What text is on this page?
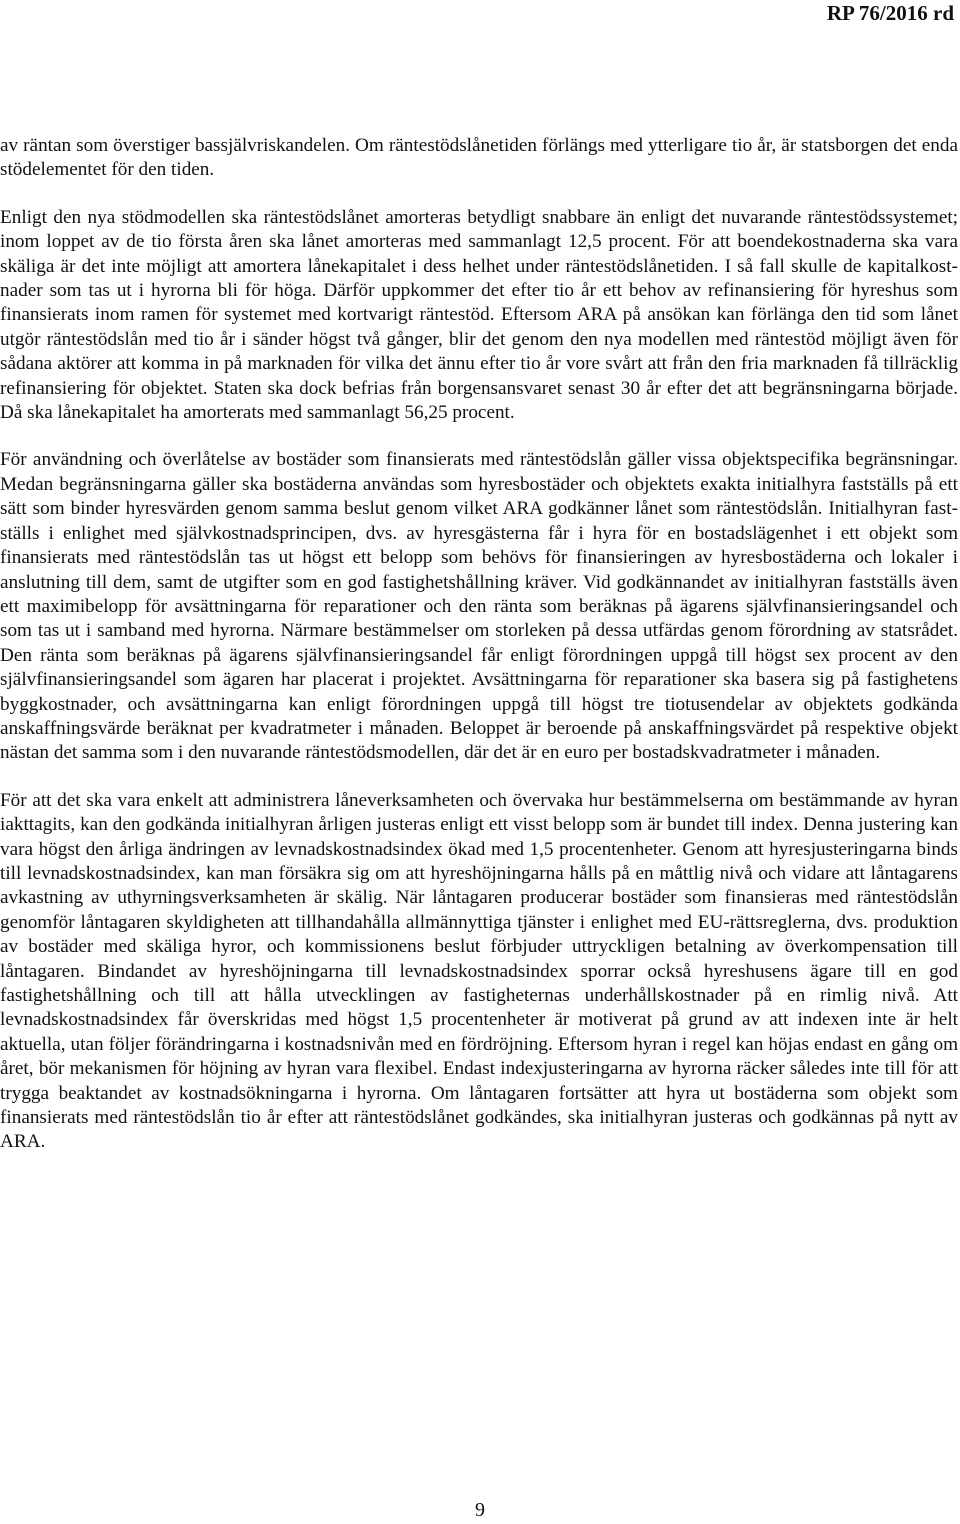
RP 76/2016 rd

av räntan som överstiger bassjälvriskandelen. Om räntestödslånetiden förlängs med ytterligare tio år, är statsborgen det enda stödelementet för den tiden.

Enligt den nya stödmodellen ska räntestödslånet amorteras betydligt snabbare än enligt det nuvarande räntestödssystemet; inom loppet av de tio första åren ska lånet amorteras med sammanlagt 12,5 procent. För att boendekostnaderna ska vara skäliga är det inte möjligt att amortera lånekapitalet i dess helhet under räntestödslånetiden. I så fall skulle de kapitalkostnader som tas ut i hyrorna bli för höga. Därför uppkommer det efter tio år ett behov av refinansiering för hyreshus som finansierats inom ramen för systemet med kortvarigt räntestöd. Eftersom ARA på ansökan kan förlänga den tid som lånet utgör räntestödslån med tio år i sänder högst två gånger, blir det genom den nya modellen med räntestöd möjligt även för sådana aktörer att komma in på marknaden för vilka det ännu efter tio år vore svårt att från den fria marknaden få tillräcklig refinansiering för objektet. Staten ska dock befrias från borgensansvaret senast 30 år efter det att begränsningarna började. Då ska lånekapitalet ha amorterats med sammanlagt 56,25 procent.

För användning och överlåtelse av bostäder som finansierats med räntestödslån gäller vissa objektspecifika begränsningar. Medan begränsningarna gäller ska bostäderna användas som hyresbostäder och objektets exakta initialhyra fastställs på ett sätt som binder hyresvärden genom samma beslut genom vilket ARA godkänner lånet som räntestödslån. Initialhyran fastställs i enlighet med självkostnadsprincipen, dvs. av hyresgästerna får i hyra för en bostadslägenhet i ett objekt som finansierats med räntestödslån tas ut högst ett belopp som behövs för finansieringen av hyresbostäderna och lokaler i anslutning till dem, samt de utgifter som en god fastighetshållning kräver. Vid godkännandet av initialhyran fastställs även ett maximibelopp för avsättningarna för reparationer och den ränta som beräknas på ägarens självfinansieringsandel och som tas ut i samband med hyrorna. Närmare bestämmelser om storleken på dessa utfärdas genom förordning av statsrådet. Den ränta som beräknas på ägarens självfinansieringsandel får enligt förordningen uppgå till högst sex procent av den självfinansieringsandel som ägaren har placerat i projektet. Avsättningarna för reparationer ska basera sig på fastighetens byggkostnader, och avsättningarna kan enligt förordningen uppgå till högst tre tiotusendelar av objektets godkända anskaffningsvärde beräknat per kvadratmeter i månaden. Beloppet är beroende på anskaffningsvärdet på respektive objekt nästan det samma som i den nuvarande räntestödsmodellen, där det är en euro per bostadskvadratmeter i månaden.

För att det ska vara enkelt att administrera låneverksamheten och övervaka hur bestämmelserna om bestämmande av hyran iakttagits, kan den godkända initialhyran årligen justeras enligt ett visst belopp som är bundet till index. Denna justering kan vara högst den årliga ändringen av levnadskostnadsindex ökad med 1,5 procentenheter. Genom att hyresjusteringarna binds till levnadskostnadsindex, kan man försäkra sig om att hyreshöjningarna hålls på en måttlig nivå och vidare att låntagarens avkastning av uthyrningsverksamheten är skälig. När låntagaren producerar bostäder som finansieras med räntestödslån genomför låntagaren skyldigheten att tillhandahålla allmännyttiga tjänster i enlighet med EU-rättsreglerna, dvs. produktion av bostäder med skäliga hyror, och kommissionens beslut förbjuder uttryckligen betalning av överkompensation till låntagaren. Bindandet av hyreshöjningarna till levnadskostnadsindex sporrar också hyreshusens ägare till en god fastighetshållning och till att hålla utvecklingen av fastigheternas underhållskostnader på en rimlig nivå. Att levnadskostnadsindex får överskridas med högst 1,5 procentenheter är motiverat på grund av att indexen inte är helt aktuella, utan följer förändringarna i kostnadsnivån med en fördröjning. Eftersom hyran i regel kan höjas endast en gång om året, bör mekanismen för höjning av hyran vara flexibel. Endast indexjusteringarna av hyrorna räcker således inte till för att trygga beaktandet av kostnadsökningarna i hyrorna. Om låntagaren fortsätter att hyra ut bostäderna som objekt som finansierats med räntestödslån tio år efter att räntestödslånet godkändes, ska initialhyran justeras och godkännas på nytt av ARA.

9
